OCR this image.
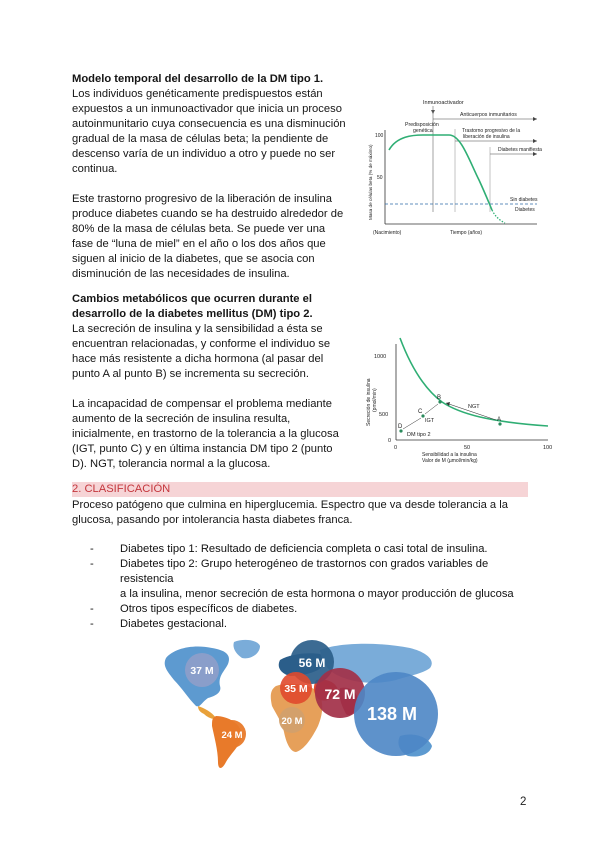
Modelo temporal del desarrollo de la DM tipo 1.
Los individuos genéticamente predispuestos están
expuestos a un inmunoactivador que inicia un proceso
autoinmunitario cuya consecuencia es una disminución
gradual de la masa de células beta; la pendiente de
descenso varía de un individuo a otro y puede no ser
continua.
Este trastorno progresivo de la liberación de insulina
produce diabetes cuando se ha destruido alrededor de
80% de la masa de células beta. Se puede ver una
fase de “luna de miel” en el año o los dos años que
siguen al inicio de la diabetes, que se asocia con
disminución de las necesidades de insulina.
Inmunoactivador
Anticuerpos inmunitarios
Predisposición
genética	Trastorno progresivo de la
liberación de insulina
Diabetes manifiesta
100
50
Masa de células beta (% de máximo)	Sin diabetes
Diabetes
(Nacimiento)	Tiempo (años)
Cambios metabólicos que ocurren durante el
desarrollo de la diabetes mellitus (DM) tipo 2.
La secreción de insulina y la sensibilidad a ésta se
encuentran relacionadas, y conforme el individuo se
hace más resistente a dicha hormona (al pasar del
punto A al punto B) se incrementa su secreción.
La incapacidad de compensar el problema mediante
aumento de la secreción de insulina resulta,
inicialmente, en trastorno de la tolerancia a la glucosa
(IGT, punto C) y en última instancia DM tipo 2 (punto
D). NGT, tolerancia normal a la glucosa.
1000
500
0
0	50	100
Secreción de insulina (pmol/min)
Sensibilidad a la insulina
Valor de M (µmol/min/kg)
A
B
NGT
C
IGT
D
DM tipo 2
2. CLASIFICACIÓN
Proceso patógeno que culmina en hiperglucemia. Espectro que va desde tolerancia a la
glucosa, pasando por intolerancia hasta diabetes franca.
- Diabetes tipo 1: Resultado de deficiencia completa o casi total de insulina.
- Diabetes tipo 2: Grupo heterogéneo de trastornos con grados variables de resistencia
a la insulina, menor secreción de esta hormona o mayor producción de glucosa
- Otros tipos específicos de diabetes.
- Diabetes gestacional.
37 M
56 M
35 M
20 M
72 M
138 M
24 M
2
